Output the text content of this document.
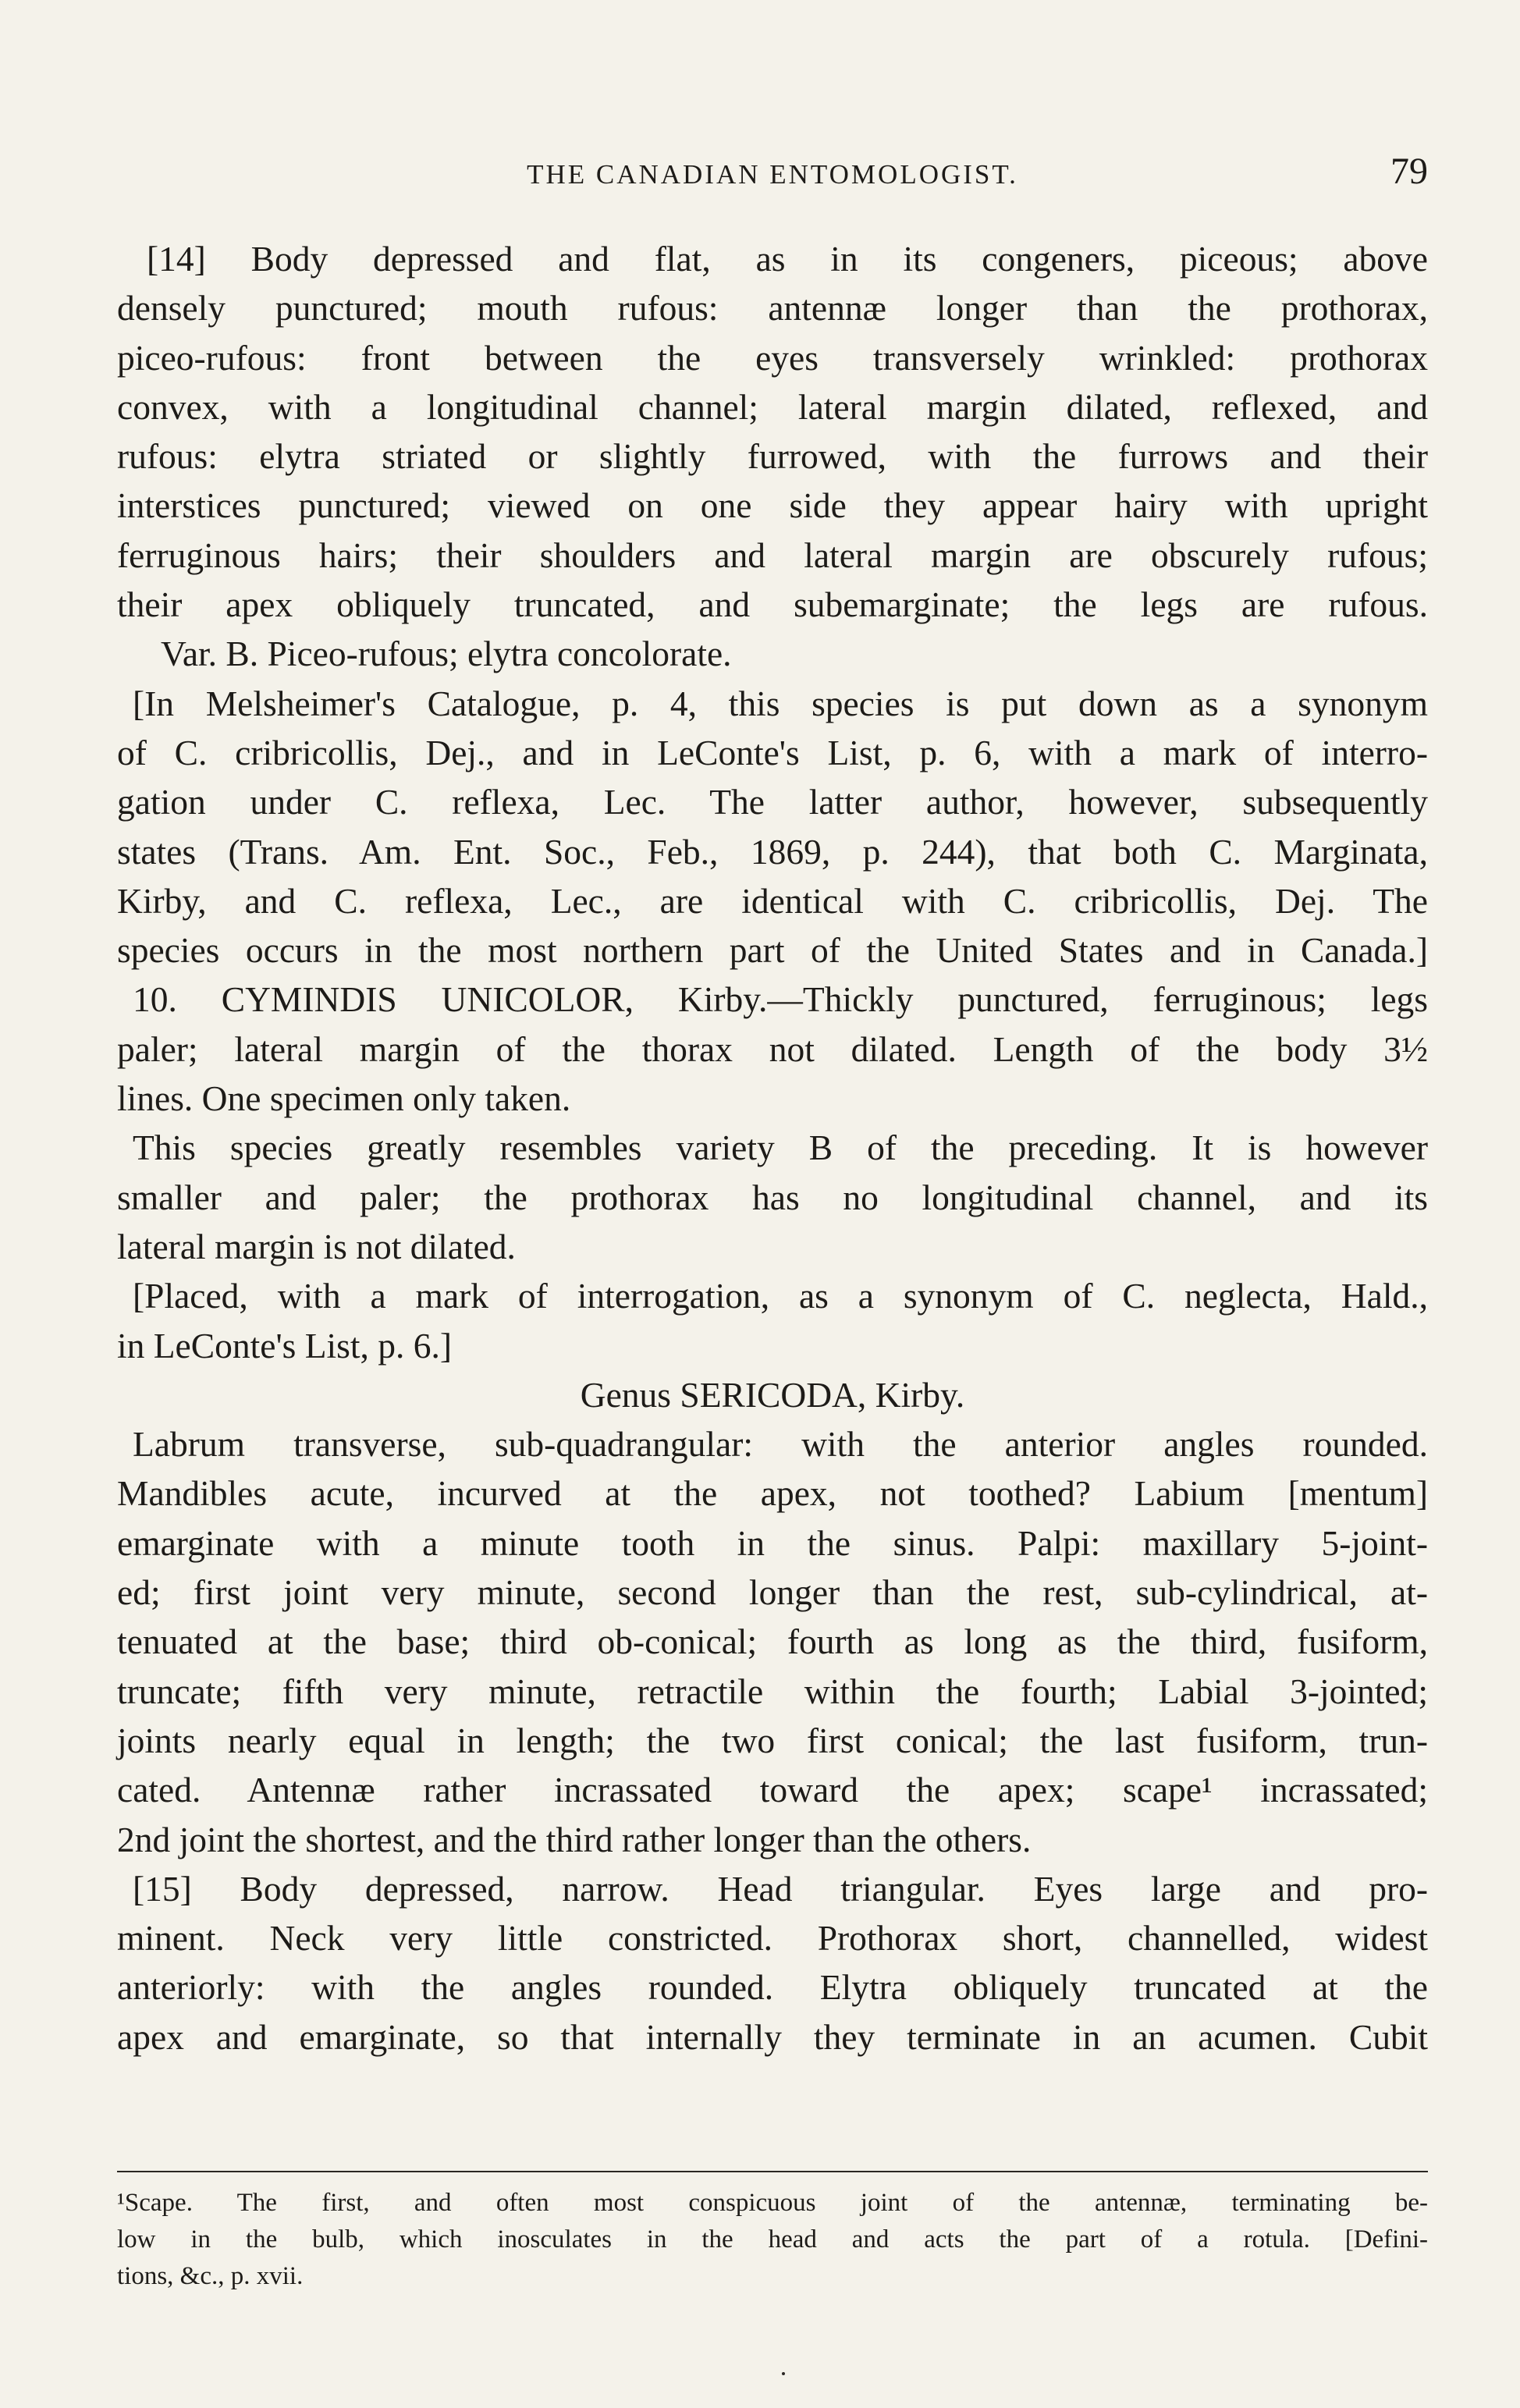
THE CANADIAN ENTOMOLOGIST.	79
[14] Body depressed and flat, as in its congeners, piceous; above
densely punctured; mouth rufous: antennæ longer than the prothorax,
piceo-rufous: front between the eyes transversely wrinkled: prothorax
convex, with a longitudinal channel; lateral margin dilated, reflexed, and
rufous: elytra striated or slightly furrowed, with the furrows and their
interstices punctured; viewed on one side they appear hairy with upright
ferruginous hairs; their shoulders and lateral margin are obscurely rufous;
their apex obliquely truncated, and subemarginate; the legs are rufous.
Var. B. Piceo-rufous; elytra concolorate.
[In Melsheimer's Catalogue, p. 4, this species is put down as a synonym
of C. cribricollis, Dej., and in LeConte's List, p. 6, with a mark of interro-
gation under C. reflexa, Lec. The latter author, however, subsequently
states (Trans. Am. Ent. Soc., Feb., 1869, p. 244), that both C. Marginata,
Kirby, and C. reflexa, Lec., are identical with C. cribricollis, Dej. The
species occurs in the most northern part of the United States and in Canada.]
10. CYMINDIS UNICOLOR, Kirby.—Thickly punctured, ferruginous; legs
paler; lateral margin of the thorax not dilated. Length of the body 3½
lines. One specimen only taken.
This species greatly resembles variety B of the preceding. It is however
smaller and paler; the prothorax has no longitudinal channel, and its
lateral margin is not dilated.
[Placed, with a mark of interrogation, as a synonym of C. neglecta, Hald.,
in LeConte's List, p. 6.]
Genus SERICODA, Kirby.
Labrum transverse, sub-quadrangular: with the anterior angles rounded.
Mandibles acute, incurved at the apex, not toothed? Labium [mentum]
emarginate with a minute tooth in the sinus. Palpi: maxillary 5-joint-
ed; first joint very minute, second longer than the rest, sub-cylindrical, at-
tenuated at the base; third ob-conical; fourth as long as the third, fusiform,
truncate; fifth very minute, retractile within the fourth; Labial 3-jointed;
joints nearly equal in length; the two first conical; the last fusiform, trun-
cated. Antennæ rather incrassated toward the apex; scape¹ incrassated;
2nd joint the shortest, and the third rather longer than the others.
[15] Body depressed, narrow. Head triangular. Eyes large and pro-
minent. Neck very little constricted. Prothorax short, channelled, widest
anteriorly: with the angles rounded. Elytra obliquely truncated at the
apex and emarginate, so that internally they terminate in an acumen. Cubit
¹Scape. The first, and often most conspicuous joint of the antennæ, terminating be-
low in the bulb, which inosculates in the head and acts the part of a rotula. [Defini-
tions, &c., p. xvii.
